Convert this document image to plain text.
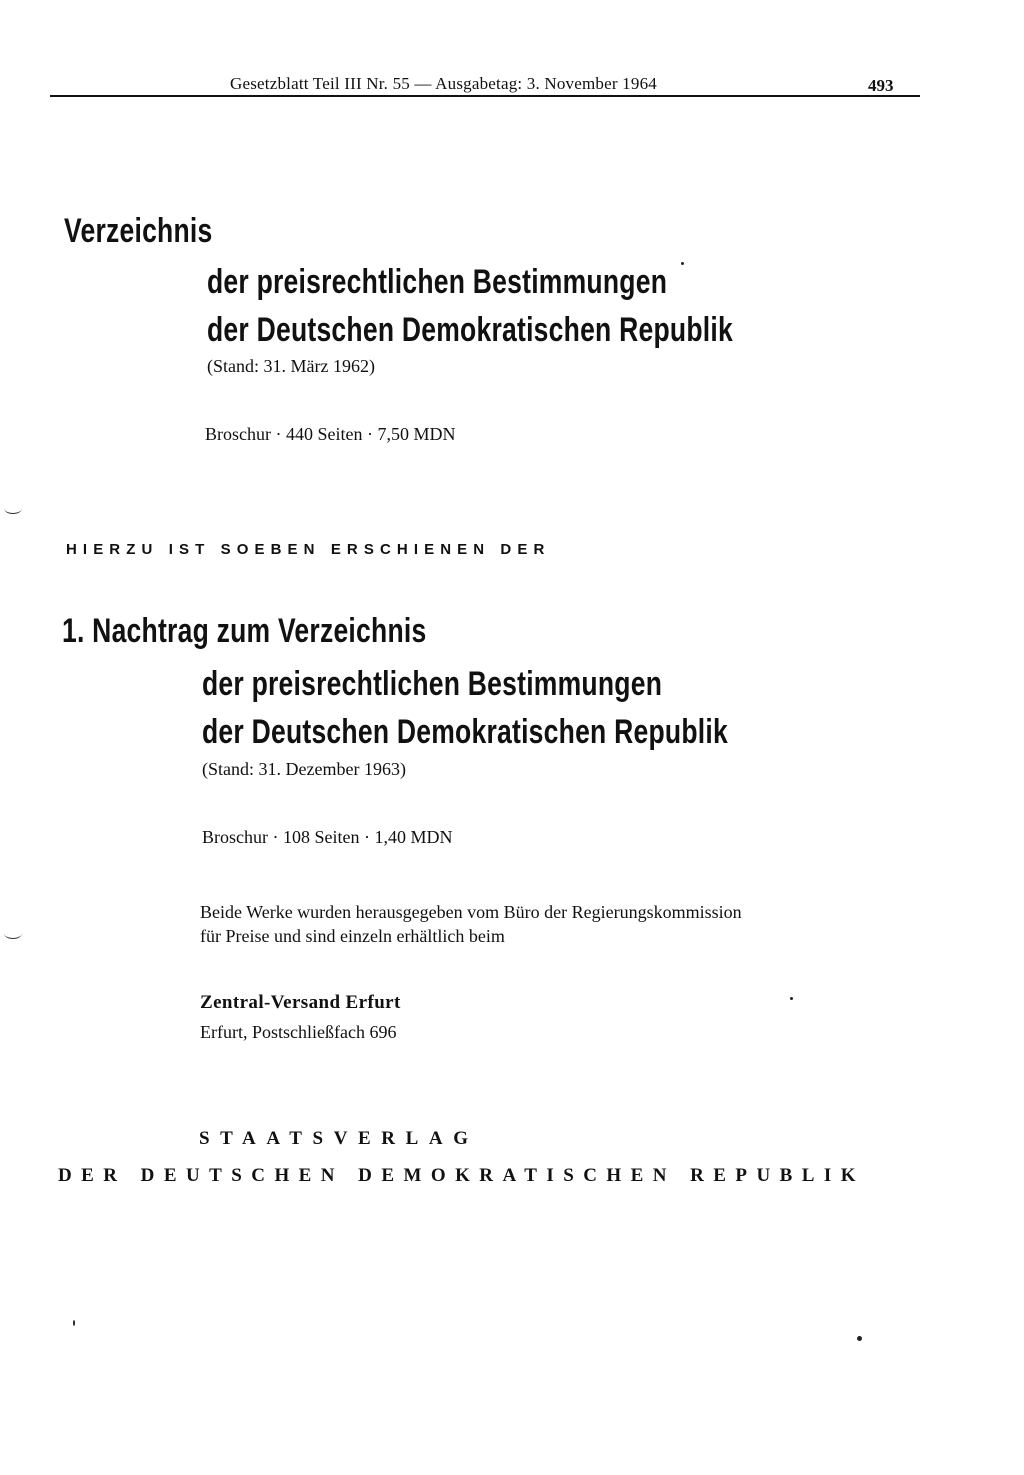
Gesetzblatt Teil III Nr. 55 — Ausgabetag: 3. November 1964	493
Verzeichnis
der preisrechtlichen Bestimmungen
der Deutschen Demokratischen Republik
(Stand: 31. März 1962)
Broschur · 440 Seiten · 7,50 MDN
HIERZU IST SOEBEN ERSCHIENEN DER
1. Nachtrag zum Verzeichnis
der preisrechtlichen Bestimmungen
der Deutschen Demokratischen Republik
(Stand: 31. Dezember 1963)
Broschur · 108 Seiten · 1,40 MDN
Beide Werke wurden herausgegeben vom Büro der Regierungskommission
für Preise und sind einzeln erhältlich beim
Zentral-Versand Erfurt
Erfurt, Postschließfach 696
STAATSVERLAG
DER DEUTSCHEN DEMOKRATISCHEN REPUBLIK
